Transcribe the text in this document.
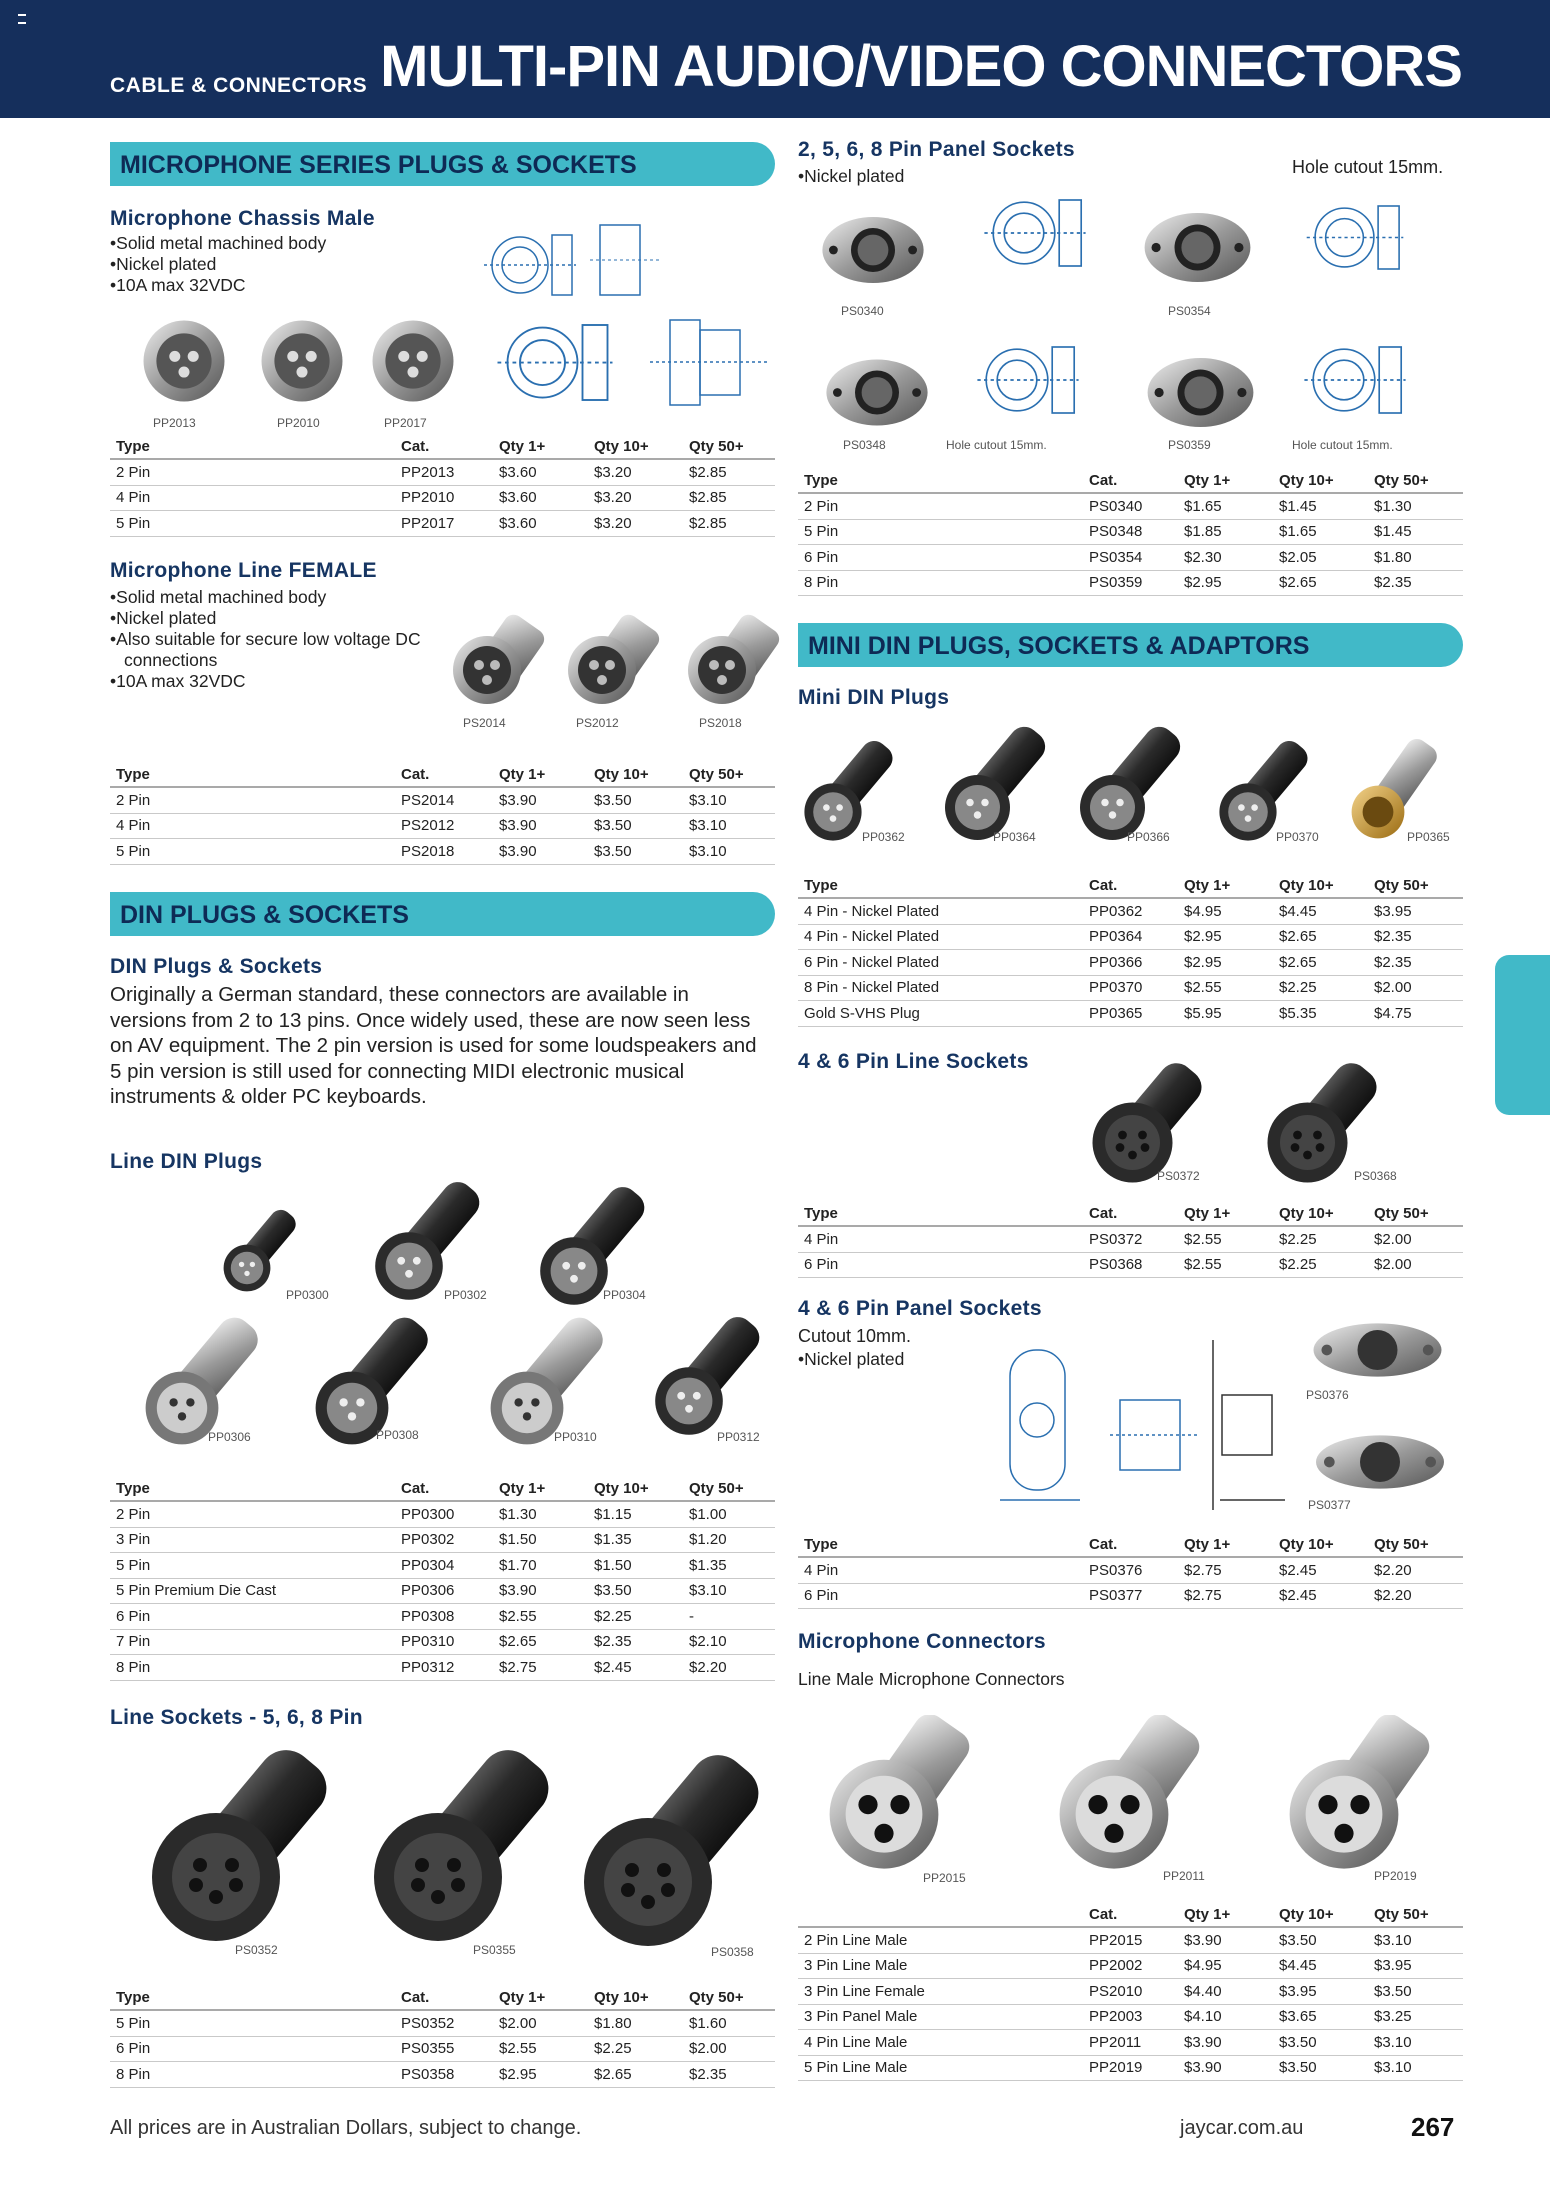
CABLE & CONNECTORS MULTI-PIN AUDIO/VIDEO CONNECTORS
MICROPHONE SERIES PLUGS & SOCKETS
Microphone Chassis Male
• Solid metal machined body
• Nickel plated
• 10A max 32VDC
PP2013	PP2010	PP2017
Type	Cat.	Qty 1+	Qty 10+	Qty 50+
2 Pin	PP2013	$3.60	$3.20	$2.85
4 Pin	PP2010	$3.60	$3.20	$2.85
5 Pin	PP2017	$3.60	$3.20	$2.85
Microphone Line FEMALE
• Solid metal machined body
• Nickel plated
• Also suitable for secure low voltage DC connections
• 10A max 32VDC
PS2014	PS2012	PS2018
Type	Cat.	Qty 1+	Qty 10+	Qty 50+
2 Pin	PS2014	$3.90	$3.50	$3.10
4 Pin	PS2012	$3.90	$3.50	$3.10
5 Pin	PS2018	$3.90	$3.50	$3.10
DIN PLUGS & SOCKETS
DIN Plugs & Sockets
Originally a German standard, these connectors are available in versions from 2 to 13 pins. Once widely used, these are now seen less on AV equipment. The 2 pin version is used for some loudspeakers and 5 pin version is still used for connecting MIDI electronic musical instruments & older PC keyboards.
Line DIN Plugs
PP0300	PP0302	PP0304
PP0306	PP0308	PP0310	PP0312
Type	Cat.	Qty 1+	Qty 10+	Qty 50+
2 Pin	PP0300	$1.30	$1.15	$1.00
3 Pin	PP0302	$1.50	$1.35	$1.20
5 Pin	PP0304	$1.70	$1.50	$1.35
5 Pin Premium Die Cast	PP0306	$3.90	$3.50	$3.10
6 Pin	PP0308	$2.55	$2.25	-
7 Pin	PP0310	$2.65	$2.35	$2.10
8 Pin	PP0312	$2.75	$2.45	$2.20
Line Sockets - 5, 6, 8 Pin
PS0352	PS0355	PS0358
Type	Cat.	Qty 1+	Qty 10+	Qty 50+
5 Pin	PS0352	$2.00	$1.80	$1.60
6 Pin	PS0355	$2.55	$2.25	$2.00
8 Pin	PS0358	$2.95	$2.65	$2.35
2, 5, 6, 8 Pin Panel Sockets
• Nickel plated	Hole cutout 15mm.
PS0340	PS0354
PS0348	Hole cutout 15mm.	PS0359	Hole cutout 15mm.
Type	Cat.	Qty 1+	Qty 10+	Qty 50+
2 Pin	PS0340	$1.65	$1.45	$1.30
5 Pin	PS0348	$1.85	$1.65	$1.45
6 Pin	PS0354	$2.30	$2.05	$1.80
8 Pin	PS0359	$2.95	$2.65	$2.35
MINI DIN PLUGS, SOCKETS & ADAPTORS
Mini DIN Plugs
PP0362	PP0364	PP0366	PP0370	PP0365
Type	Cat.	Qty 1+	Qty 10+	Qty 50+
4 Pin - Nickel Plated	PP0362	$4.95	$4.45	$3.95
4 Pin - Nickel Plated	PP0364	$2.95	$2.65	$2.35
6 Pin - Nickel Plated	PP0366	$2.95	$2.65	$2.35
8 Pin - Nickel Plated	PP0370	$2.55	$2.25	$2.00
Gold S-VHS Plug	PP0365	$5.95	$5.35	$4.75
4 & 6 Pin Line Sockets
PS0372	PS0368
Type	Cat.	Qty 1+	Qty 10+	Qty 50+
4 Pin	PS0372	$2.55	$2.25	$2.00
6 Pin	PS0368	$2.55	$2.25	$2.00
4 & 6 Pin Panel Sockets
Cutout 10mm.
• Nickel plated
PS0376
PS0377
Type	Cat.	Qty 1+	Qty 10+	Qty 50+
4 Pin	PS0376	$2.75	$2.45	$2.20
6 Pin	PS0377	$2.75	$2.45	$2.20
Microphone Connectors
Line Male Microphone Connectors
PP2015	PP2011	PP2019
	Cat.	Qty 1+	Qty 10+	Qty 50+
2 Pin Line Male	PP2015	$3.90	$3.50	$3.10
3 Pin Line Male	PP2002	$4.95	$4.45	$3.95
3 Pin Line Female	PS2010	$4.40	$3.95	$3.50
3 Pin Panel Male	PP2003	$4.10	$3.65	$3.25
4 Pin Line Male	PP2011	$3.90	$3.50	$3.10
5 Pin Line Male	PP2019	$3.90	$3.50	$3.10
All prices are in Australian Dollars, subject to change.	jaycar.com.au	267
